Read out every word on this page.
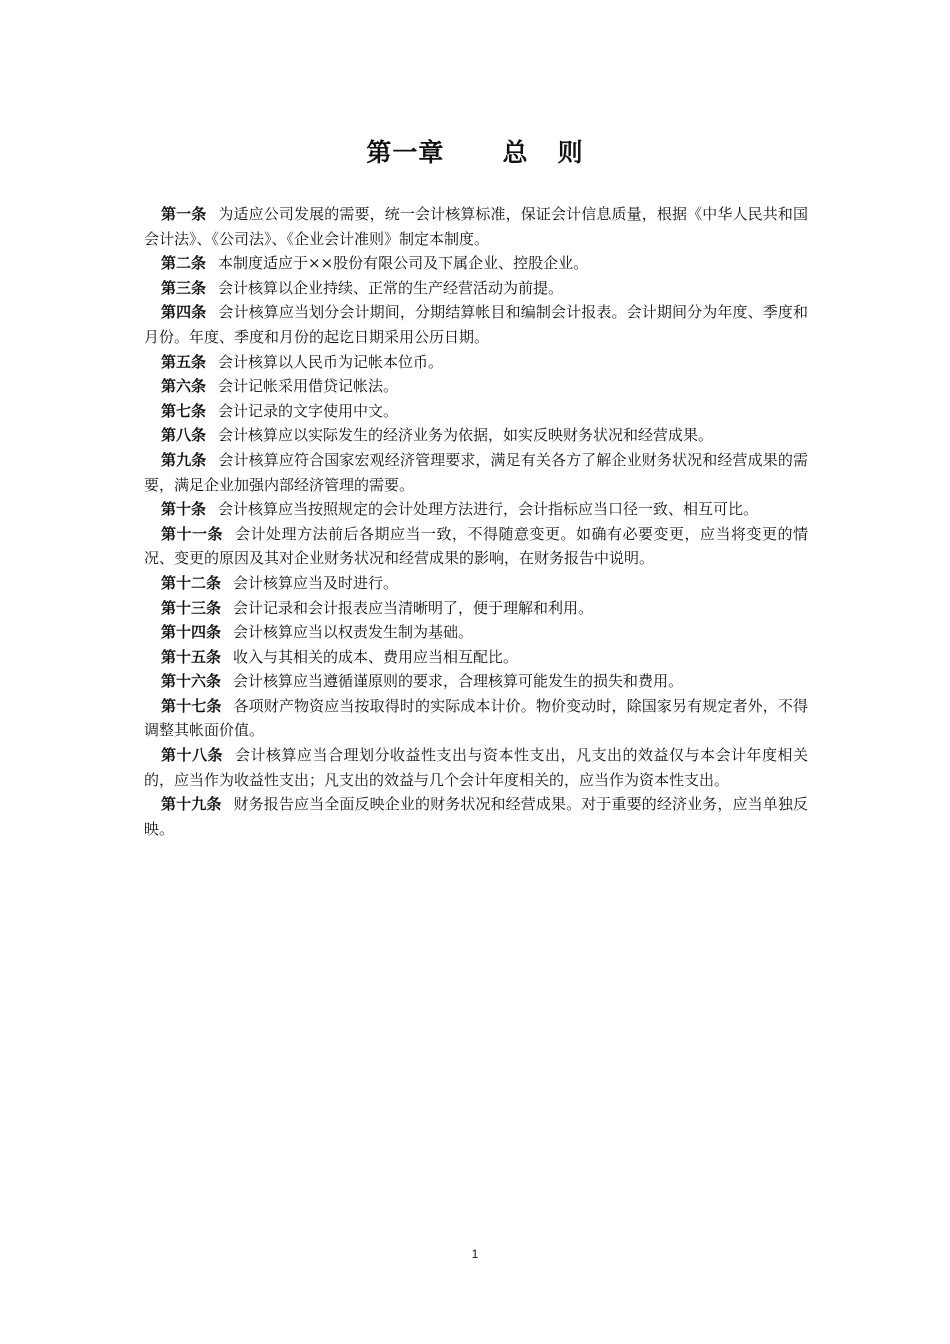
第一章      总   则

第一条 为适应公司发展的需要，统一会计核算标准，保证会计信息质量，根据《中华人民共和国会计法》、《公司法》、《企业会计准则》制定本制度。

第二条 本制度适应于××股份有限公司及下属企业、控股企业。

第三条 会计核算以企业持续、正常的生产经营活动为前提。

第四条 会计核算应当划分会计期间，分期结算帐目和编制会计报表。会计期间分为年度、季度和月份。年度、季度和月份的起讫日期采用公历日期。

第五条 会计核算以人民币为记帐本位币。

第六条 会计记帐采用借贷记帐法。

第七条 会计记录的文字使用中文。

第八条 会计核算应以实际发生的经济业务为依据，如实反映财务状况和经营成果。

第九条 会计核算应符合国家宏观经济管理要求，满足有关各方了解企业财务状况和经营成果的需要，满足企业加强内部经济管理的需要。

第十条 会计核算应当按照规定的会计处理方法进行，会计指标应当口径一致、相互可比。

第十一条 会计处理方法前后各期应当一致，不得随意变更。如确有必要变更，应当将变更的情况、变更的原因及其对企业财务状况和经营成果的影响，在财务报告中说明。

第十二条 会计核算应当及时进行。

第十三条 会计记录和会计报表应当清晰明了，便于理解和利用。

第十四条 会计核算应当以权责发生制为基础。

第十五条 收入与其相关的成本、费用应当相互配比。

第十六条 会计核算应当遵循谨原则的要求，合理核算可能发生的损失和费用。

第十七条 各项财产物资应当按取得时的实际成本计价。物价变动时，除国家另有规定者外，不得调整其帐面价值。

第十八条 会计核算应当合理划分收益性支出与资本性支出，凡支出的效益仅与本会计年度相关的，应当作为收益性支出；凡支出的效益与几个会计年度相关的，应当作为资本性支出。

第十九条 财务报告应当全面反映企业的财务状况和经营成果。对于重要的经济业务，应当单独反映。

1
